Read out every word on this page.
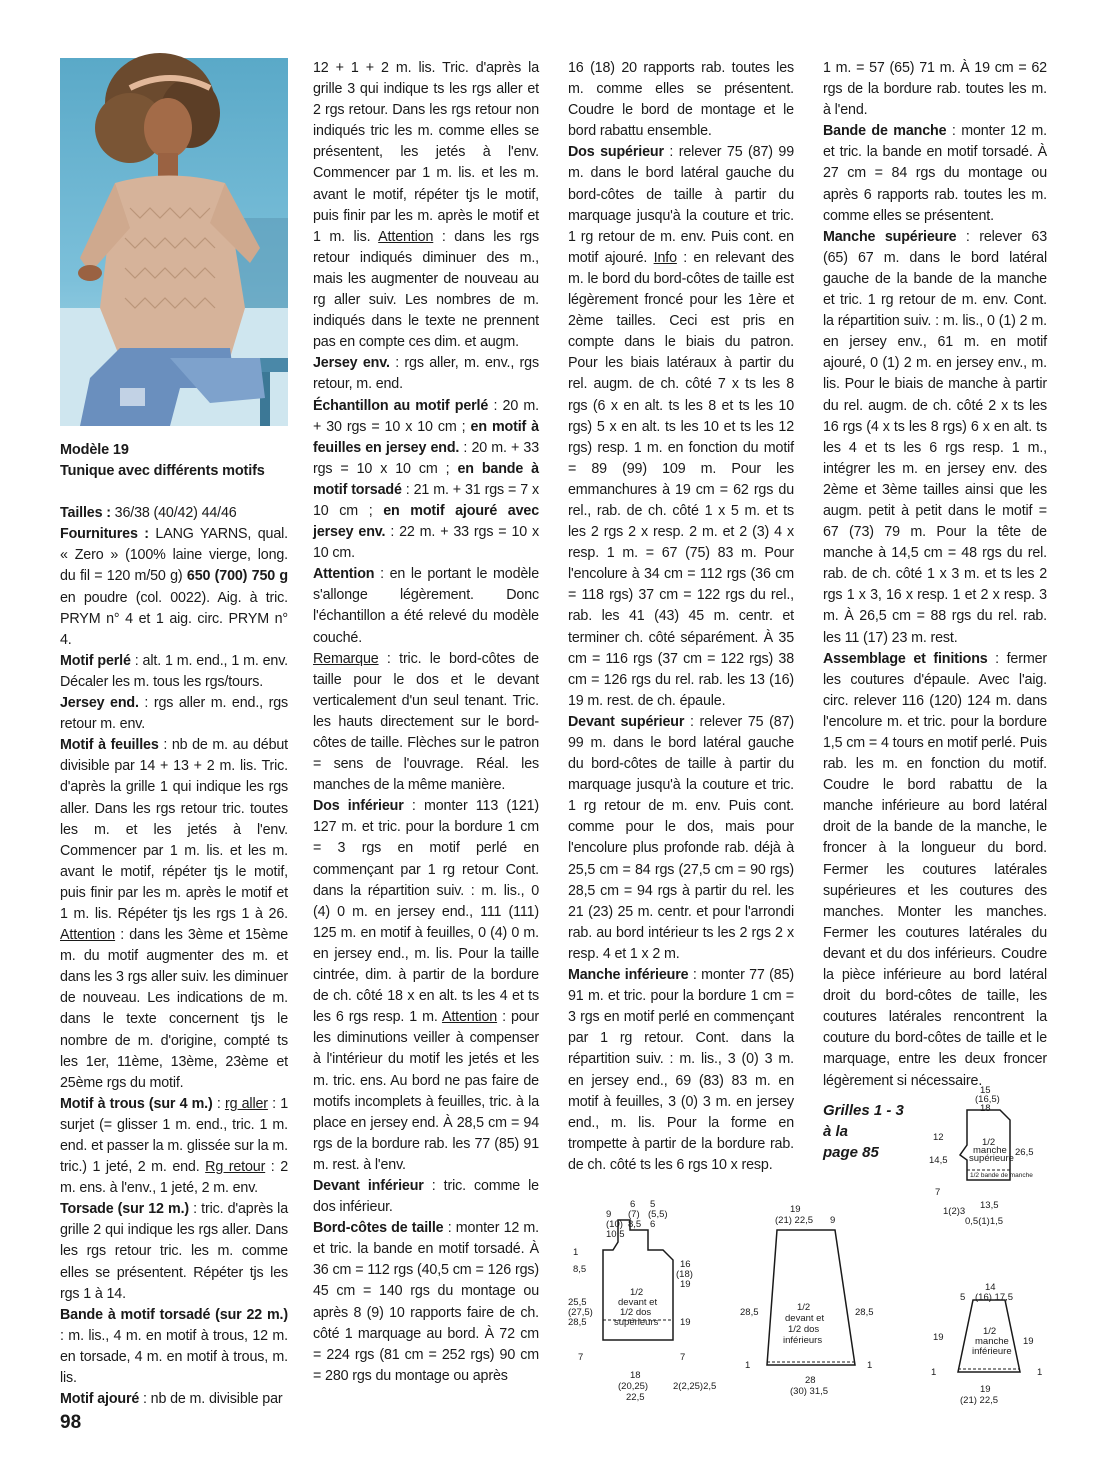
Modèle 19

Tunique avec différents motifs

Tailles : 36/38 (40/42) 44/46

Fournitures : LANG YARNS, qual. « Zero » (100% laine vierge, long. du fil = 120 m/50 g) 650 (700) 750 g en poudre (col. 0022). Aig. à tric. PRYM n° 4 et 1 aig. circ. PRYM n° 4.

Motif perlé : alt. 1 m. end., 1 m. env. Décaler les m. tous les rgs/tours.

Jersey end. : rgs aller m. end., rgs retour m. env.

Motif à feuilles : nb de m. au début divisible par 14 + 13 + 2 m. lis. Tric. d'après la grille 1 qui indique les rgs aller. Dans les rgs retour tric. toutes les m. et les jetés à l'env. Commencer par 1 m. lis. et les m. avant le motif, répéter tjs le motif, puis finir par les m. après le motif et 1 m. lis. Répéter tjs les rgs 1 à 26. Attention : dans les 3ème et 15ème m. du motif augmenter des m. et dans les 3 rgs aller suiv. les diminuer de nouveau. Les indications de m. dans le texte concernent tjs le nombre de m. d'origine, compté ts les 1er, 11ème, 13ème, 23ème et 25ème rgs du motif.

Motif à trous (sur 4 m.) : rg aller : 1 surjet (= glisser 1 m. end., tric. 1 m. end. et passer la m. glissée sur la m. tric.) 1 jeté, 2 m. end. Rg retour : 2 m. ens. à l'env., 1 jeté, 2 m. env.

Torsade (sur 12 m.) : tric. d'après la grille 2 qui indique les rgs aller. Dans les rgs retour tric. les m. comme elles se présentent. Répéter tjs les rgs 1 à 14.

Bande à motif torsadé (sur 22 m.) : m. lis., 4 m. en motif à trous, 12 m. en torsade, 4 m. en motif à trous, m. lis.

Motif ajouré : nb de m. divisible par

12 + 1 + 2 m. lis. Tric. d'après la grille 3 qui indique ts les rgs aller et 2 rgs retour. Dans les rgs retour non indiqués tric les m. comme elles se présentent, les jetés à l'env. Commencer par 1 m. lis. et les m. avant le motif, répéter tjs le motif, puis finir par les m. après le motif et 1 m. lis. Attention : dans les rgs retour indiqués diminuer des m., mais les augmenter de nouveau au rg aller suiv. Les nombres de m. indiqués dans le texte ne prennent pas en compte ces dim. et augm.

Jersey env. : rgs aller, m. env., rgs retour, m. end.

Échantillon au motif perlé : 20 m. + 30 rgs = 10 x 10 cm ; en motif à feuilles en jersey end. : 20 m. + 33 rgs = 10 x 10 cm ; en bande à motif torsadé : 21 m. + 31 rgs = 7 x 10 cm ; en motif ajouré avec jersey env. : 22 m. + 33 rgs = 10 x 10 cm.

Attention : en le portant le modèle s'allonge légèrement. Donc l'échantillon a été relevé du modèle couché.

Remarque : tric. le bord-côtes de taille pour le dos et le devant verticalement d'un seul tenant. Tric. les hauts directement sur le bord-côtes de taille. Flèches sur le patron = sens de l'ouvrage. Réal. les manches de la même manière.

Dos inférieur : monter 113 (121) 127 m. et tric. pour la bordure 1 cm = 3 rgs en motif perlé en commençant par 1 rg retour Cont. dans la répartition suiv. : m. lis., 0 (4) 0 m. en jersey end., 111 (111) 125 m. en motif à feuilles, 0 (4) 0 m. en jersey end., m. lis. Pour la taille cintrée, dim. à partir de la bordure de ch. côté 18 x en alt. ts les 4 et ts les 6 rgs resp. 1 m. Attention : pour les diminutions veiller à compenser à l'intérieur du motif les jetés et les m. tric. ens. Au bord ne pas faire de motifs incomplets à feuilles, tric. à la place en jersey end. À 28,5 cm = 94 rgs de la bordure rab. les 77 (85) 91 m. rest. à l'env.

Devant inférieur : tric. comme le dos inférieur.

Bord-côtes de taille : monter 12 m. et tric. la bande en motif torsadé. À 36 cm = 112 rgs (40,5 cm = 126 rgs) 45 cm = 140 rgs du montage ou après 8 (9) 10 rapports faire de ch. côté 1 marquage au bord. À 72 cm = 224 rgs (81 cm = 252 rgs) 90 cm = 280 rgs du montage ou après

16 (18) 20 rapports rab. toutes les m. comme elles se présentent. Coudre le bord de montage et le bord rabattu ensemble.

Dos supérieur : relever 75 (87) 99 m. dans le bord latéral gauche du bord-côtes de taille à partir du marquage jusqu'à la couture et tric. 1 rg retour de m. env. Puis cont. en motif ajouré. Info : en relevant des m. le bord du bord-côtes de taille est légèrement froncé pour les 1ère et 2ème tailles. Ceci est pris en compte dans le biais du patron. Pour les biais latéraux à partir du rel. augm. de ch. côté 7 x ts les 8 rgs (6 x en alt. ts les 8 et ts les 10 rgs) 5 x en alt. ts les 10 et ts les 12 rgs) resp. 1 m. en fonction du motif = 89 (99) 109 m. Pour les emmanchures à 19 cm = 62 rgs du rel., rab. de ch. côté 1 x 5 m. et ts les 2 rgs 2 x resp. 2 m. et 2 (3) 4 x resp. 1 m. = 67 (75) 83 m. Pour l'encolure à 34 cm = 112 rgs (36 cm = 118 rgs) 37 cm = 122 rgs du rel., rab. les 41 (43) 45 m. centr. et terminer ch. côté séparément. À 35 cm = 116 rgs (37 cm = 122 rgs) 38 cm = 126 rgs du rel. rab. les 13 (16) 19 m. rest. de ch. épaule.

Devant supérieur : relever 75 (87) 99 m. dans le bord latéral gauche du bord-côtes de taille à partir du marquage jusqu'à la couture et tric. 1 rg retour de m. env. Puis cont. comme pour le dos, mais pour l'encolure plus profonde rab. déjà à 25,5 cm = 84 rgs (27,5 cm = 90 rgs) 28,5 cm = 94 rgs à partir du rel. les 21 (23) 25 m. centr. et pour l'arrondi rab. au bord intérieur ts les 2 rgs 2 x resp. 4 et 1 x 2 m.

Manche inférieure : monter 77 (85) 91 m. et tric. pour la bordure 1 cm = 3 rgs en motif perlé en commençant par 1 rg retour. Cont. dans la répartition suiv. : m. lis., 3 (0) 3 m. en jersey end., 69 (83) 83 m. en motif à feuilles, 3 (0) 3 m. en jersey end., m. lis. Pour la forme en trompette à partir de la bordure rab. de ch. côté ts les 6 rgs 10 x resp.

1 m. = 57 (65) 71 m. À 19 cm = 62 rgs de la bordure rab. toutes les m. à l'end.

Bande de manche : monter 12 m. et tric. la bande en motif torsadé. À 27 cm = 84 rgs du montage ou après 6 rapports rab. toutes les m. comme elles se présentent.

Manche supérieure : relever 63 (65) 67 m. dans le bord latéral gauche de la bande de la manche et tric. 1 rg retour de m. env. Cont. la répartition suiv. : m. lis., 0 (1) 2 m. en jersey env., 61 m. en motif ajouré, 0 (1) 2 m. en jersey env., m. lis. Pour le biais de manche à partir du rel. augm. de ch. côté 2 x ts les 16 rgs (4 x ts les 8 rgs) 6 x en alt. ts les 4 et ts les 6 rgs resp. 1 m., intégrer les m. en jersey env. des 2ème et 3ème tailles ainsi que les augm. petit à petit dans le motif = 67 (73) 79 m. Pour la tête de manche à 14,5 cm = 48 rgs du rel. rab. de ch. côté 1 x 3 m. et ts les 2 rgs 1 x 3, 16 x resp. 1 et 2 x resp. 3 m. À 26,5 cm = 88 rgs du rel. rab. les 11 (17) 23 m. rest.

Assemblage et finitions : fermer les coutures d'épaule. Avec l'aig. circ. relever 116 (120) 124 m. dans l'encolure m. et tric. pour la bordure 1,5 cm = 4 tours en motif perlé. Puis rab. les m. en fonction du motif. Coudre le bord rabattu de la manche inférieure au bord latéral droit de la bande de la manche, le froncer à la longueur du bord. Fermer les coutures latérales supérieures et les coutures des manches. Monter les manches. Fermer les coutures latérales du devant et du dos inférieurs. Coudre la pièce inférieure au bord latéral droit du bord-côtes de taille, les coutures latérales rencontrent la couture du bord-côtes de taille et le marquage, entre les deux froncer légèrement si nécessaire.

Grilles 1 - 3
à la
page 85
9
(10)
10,5
6
(7)
8,5
5
(5,5)
6
1
8,5
25,5
(27,5)
28,5
7
16
(18)
19
19
7
1/2
devant et
1/2 dos
supérieurs
18
(20,25)
22,5
2(2,25)2,5
19
(21) 22,5 9
28,5
1
28,5
1
1/2
devant et
1/2 dos
inférieurs
28
(30) 31,5
15
(16,5)
18
12
14,5
7
26,5
1/2
manche
supérieure
1/2 bande de manche
13,5
1(2)3
0,5(1)1,5
5
14
(16) 17,5
19
1
19
1
1/2
manche
inférieure
19
(21) 22,5
98
